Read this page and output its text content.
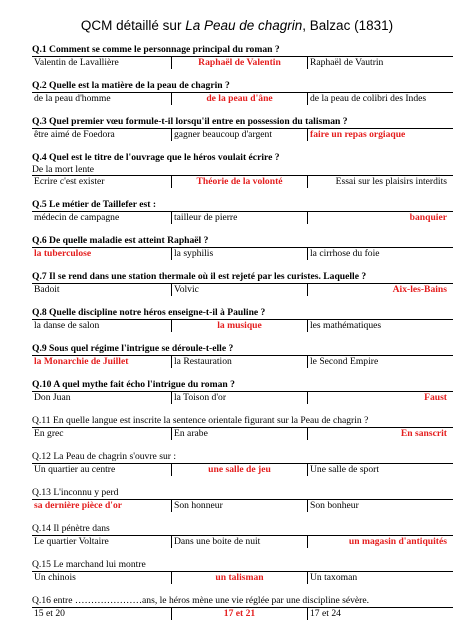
QCM détaillé sur La Peau de chagrin, Balzac (1831)
Q.1 Comment se comme le personnage principal du roman ?
Valentin de Lavallière	Raphaël de Valentin	Raphaël de Vautrin
Q.2 Quelle est la matière de la peau de chagrin ?
de la peau d'homme	de la peau d'âne	de la peau de colibri des Indes
Q.3 Quel premier vœu formule-t-il lorsqu'il entre en possession du talisman ?
être aimé de Foedora	gagner beaucoup d'argent	faire un repas orgiaque
Q.4 Quel est le titre de l'ouvrage que le héros voulait écrire ?
De la mort lente
Ecrire c'est exister	Théorie de la volonté	Essai sur les plaisirs interdits
Q.5 Le métier de Taillefer est :
médecin de campagne	tailleur de pierre	banquier
Q.6 De quelle maladie est atteint Raphaël ?
la tuberculose	la syphilis	la cirrhose du foie
Q.7 Il se rend dans une station thermale où il est rejeté par les curistes. Laquelle ?
Badoit	Volvic	Aix-les-Bains
Q.8 Quelle discipline notre héros enseigne-t-il à Pauline ?
la danse de salon	la musique	les mathématiques
Q.9 Sous quel régime l'intrigue se déroule-t-elle ?
la Monarchie de Juillet	la Restauration	le Second Empire
Q.10 A quel mythe fait écho l'intrigue du roman ?
Don Juan	la Toison d'or	Faust
Q.11 En quelle langue est inscrite la sentence orientale figurant sur la Peau de chagrin ?
En grec	En arabe	En sanscrit
Q.12 La Peau de chagrin s'ouvre sur :
Un quartier au centre	une salle de jeu	Une salle de sport
Q.13 L'inconnu y perd
sa dernière pièce d'or	Son honneur	Son bonheur
Q.14 Il pénètre dans
Le quartier Voltaire	Dans une boite de nuit	un magasin d'antiquités
Q.15 Le marchand lui montre
Un chinois	un talisman	Un taxoman
Q.16 entre …………………ans, le héros mène une vie réglée par une discipline sévère.
15 et 20	17 et 21	17 et 24
